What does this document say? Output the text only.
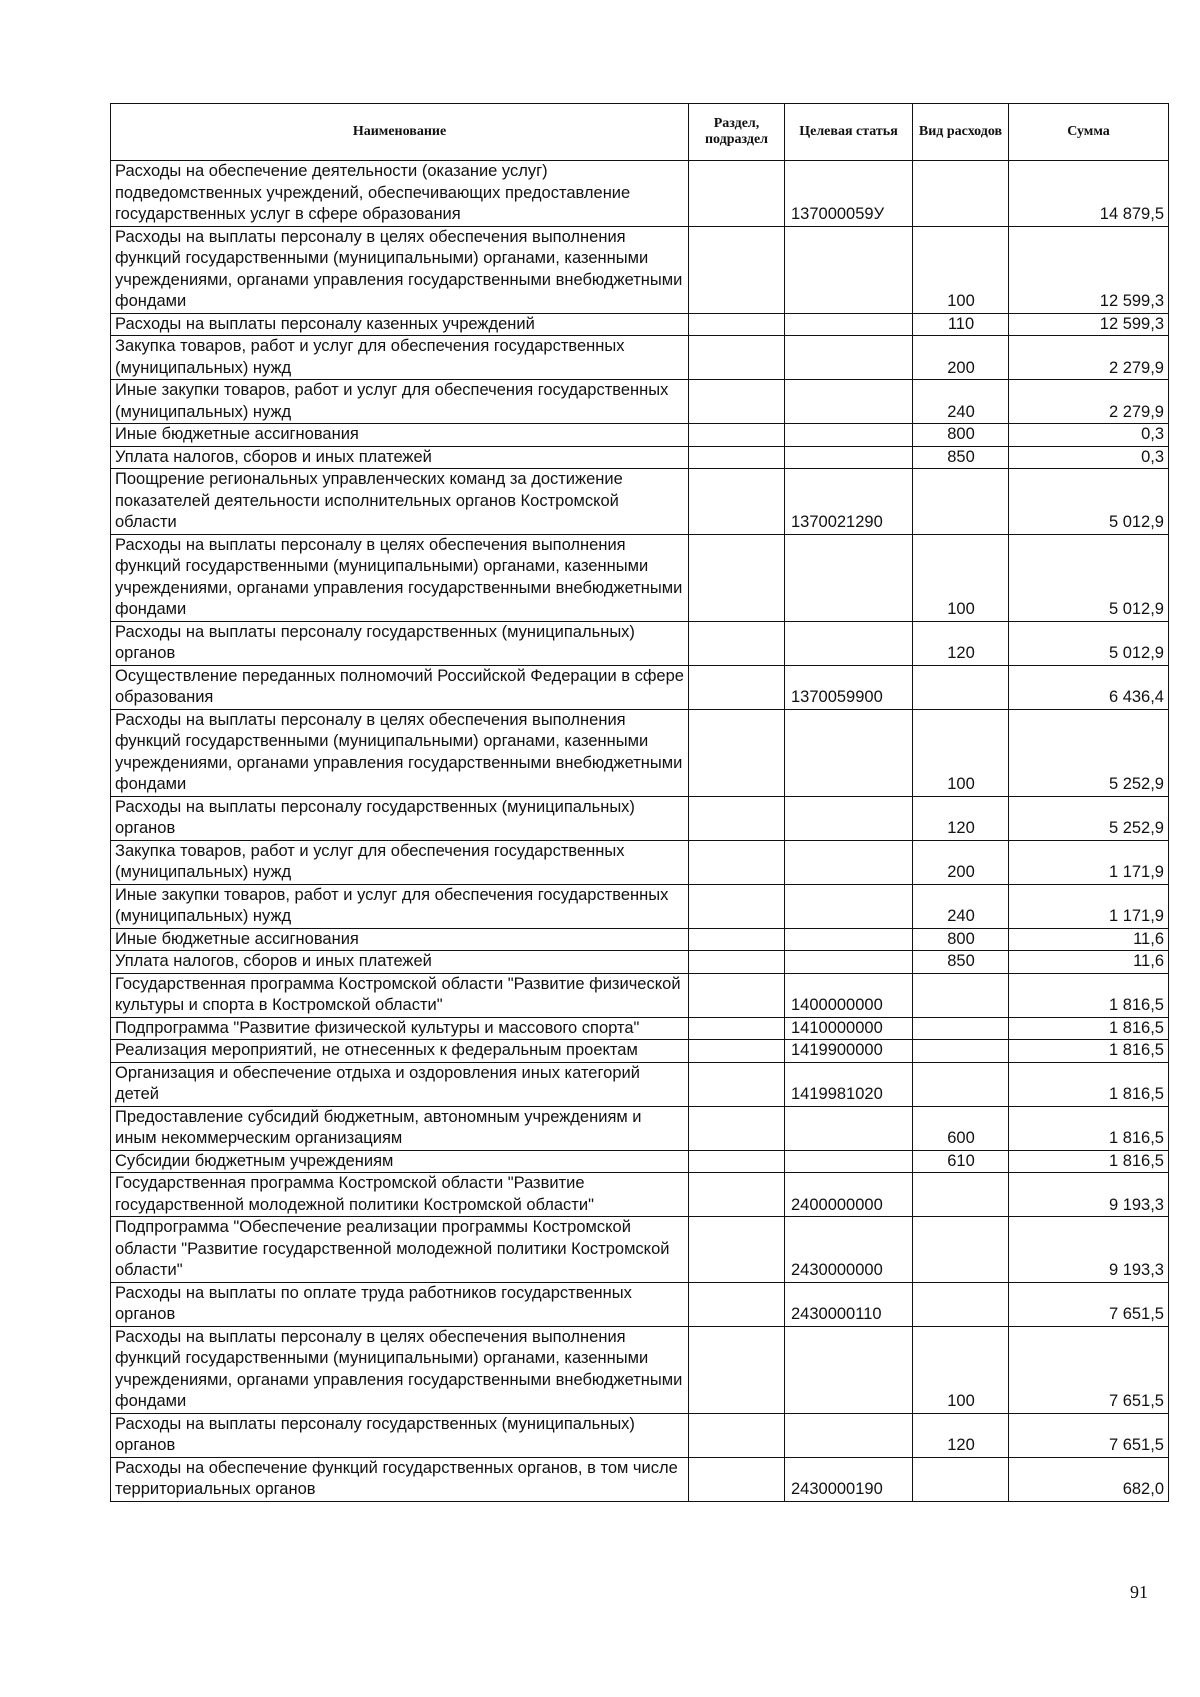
Наименование	Раздел, подраздел	Целевая статья	Вид расходов	Сумма
Расходы на обеспечение деятельности (оказание услуг) подведомственных учреждений, обеспечивающих предоставление государственных услуг в сфере образования		137000059У		14 879,5
Расходы на выплаты персоналу в целях обеспечения выполнения функций государственными (муниципальными) органами, казенными учреждениями, органами управления государственными внебюджетными фондами			100	12 599,3
Расходы на выплаты персоналу казенных учреждений			110	12 599,3
Закупка товаров, работ и услуг для обеспечения государственных (муниципальных) нужд			200	2 279,9
Иные закупки товаров, работ и услуг для обеспечения государственных (муниципальных) нужд			240	2 279,9
Иные бюджетные ассигнования			800	0,3
Уплата налогов, сборов и иных платежей			850	0,3
Поощрение региональных управленческих команд за достижение показателей деятельности исполнительных органов Костромской области		1370021290		5 012,9
Расходы на выплаты персоналу в целях обеспечения выполнения функций государственными (муниципальными) органами, казенными учреждениями, органами управления государственными внебюджетными фондами			100	5 012,9
Расходы на выплаты персоналу государственных (муниципальных) органов			120	5 012,9
Осуществление переданных полномочий Российской Федерации в сфере образования		1370059900		6 436,4
Расходы на выплаты персоналу в целях обеспечения выполнения функций государственными (муниципальными) органами, казенными учреждениями, органами управления государственными внебюджетными фондами			100	5 252,9
Расходы на выплаты персоналу государственных (муниципальных) органов			120	5 252,9
Закупка товаров, работ и услуг для обеспечения государственных (муниципальных) нужд			200	1 171,9
Иные закупки товаров, работ и услуг для обеспечения государственных (муниципальных) нужд			240	1 171,9
Иные бюджетные ассигнования			800	11,6
Уплата налогов, сборов и иных платежей			850	11,6
Государственная программа Костромской области "Развитие физической культуры и спорта в Костромской области"		1400000000		1 816,5
Подпрограмма "Развитие физической культуры и массового спорта"		1410000000		1 816,5
Реализация мероприятий, не отнесенных к федеральным проектам		1419900000		1 816,5
Организация и обеспечение отдыха и оздоровления иных категорий детей		1419981020		1 816,5
Предоставление субсидий бюджетным, автономным учреждениям и иным некоммерческим организациям			600	1 816,5
Субсидии бюджетным учреждениям			610	1 816,5
Государственная программа Костромской области "Развитие государственной молодежной политики Костромской области"		2400000000		9 193,3
Подпрограмма "Обеспечение реализации программы Костромской области "Развитие государственной молодежной политики Костромской области"		2430000000		9 193,3
Расходы на выплаты по оплате труда работников государственных органов		2430000110		7 651,5
Расходы на выплаты персоналу в целях обеспечения выполнения функций государственными (муниципальными) органами, казенными учреждениями, органами управления государственными внебюджетными фондами			100	7 651,5
Расходы на выплаты персоналу государственных (муниципальных) органов			120	7 651,5
Расходы на обеспечение функций государственных органов, в том числе территориальных органов		2430000190		682,0
91
